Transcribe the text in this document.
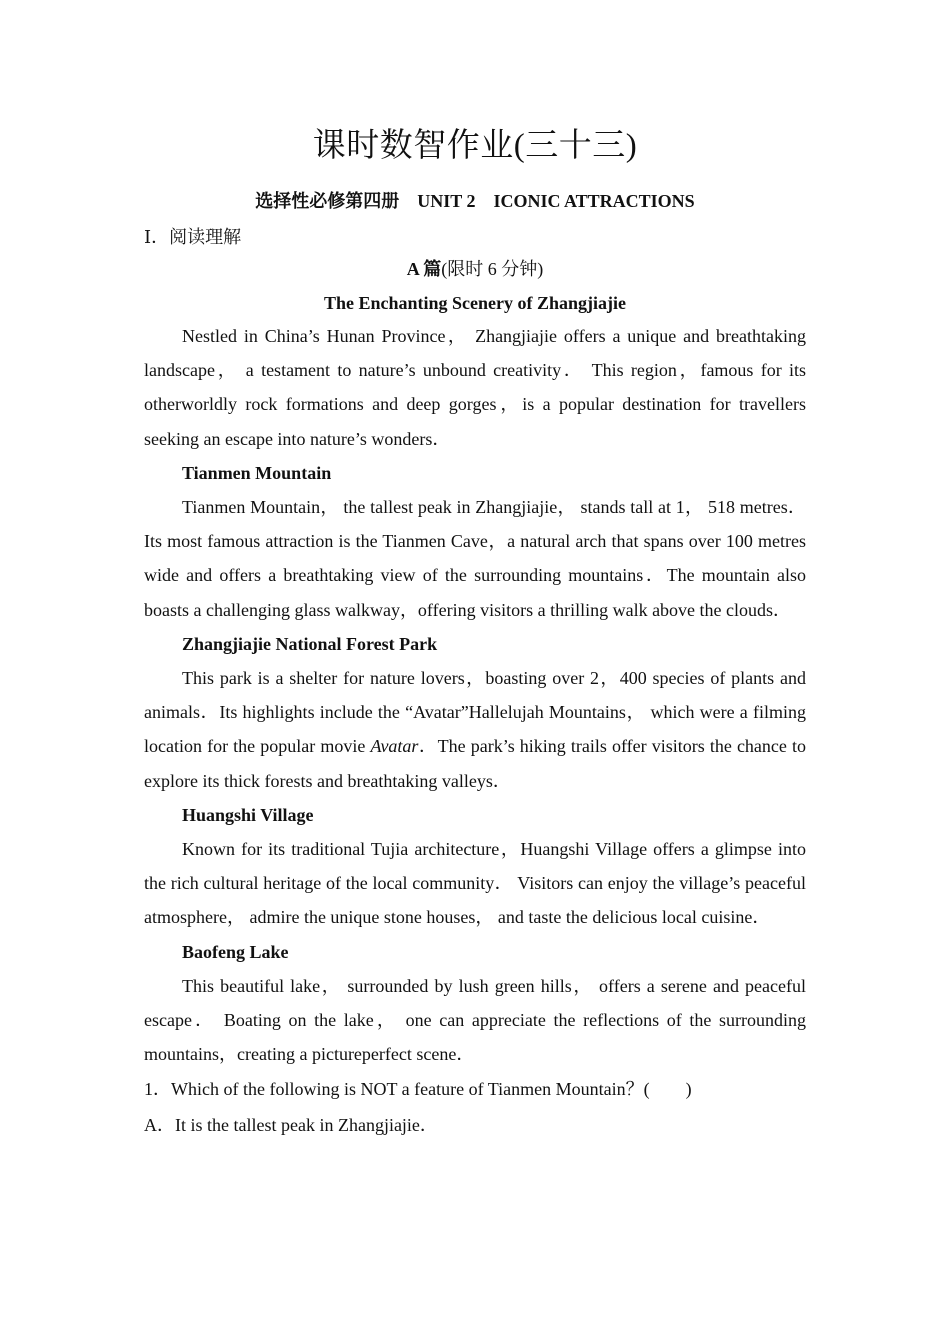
课时数智作业(三十三)
选择性必修第四册    UNIT 2    ICONIC ATTRACTIONS
Ⅰ．阅读理解
A 篇(限时 6 分钟)
The Enchanting Scenery of Zhangjiajie

Nestled in China’s Hunan Province， Zhangjiajie offers a unique and breathtaking landscape， a testament to nature’s unbound creativity． This region，famous for its otherworldly rock formations and deep gorges，is a popular destination for travellers seeking an escape into nature’s wonders．

Tianmen Mountain

Tianmen Mountain， the tallest peak in Zhangjiajie， stands tall at 1， 518 metres．Its most famous attraction is the Tianmen Cave，a natural arch that spans over 100 metres wide and offers a breathtaking view of the surrounding mountains．The mountain also boasts a challenging glass walkway，offering visitors a thrilling walk above the clouds．

Zhangjiajie National Forest Park

This park is a shelter for nature lovers，boasting over 2，400 species of plants and animals．Its highlights include the “Avatar”Hallelujah Mountains， which were a filming location for the popular movie Avatar．The park’s hiking trails offer visitors the chance to explore its thick forests and breathtaking valleys．

Huangshi Village

Known for its traditional Tujia architecture，Huangshi Village offers a glimpse into the rich cultural heritage of the local community． Visitors can enjoy the village’s peaceful atmosphere， admire the unique stone houses， and taste the delicious local cuisine．

Baofeng Lake

This beautiful lake， surrounded by lush green hills， offers a serene and peaceful escape． Boating on the lake， one can appreciate the reflections of the surrounding mountains，creating a pictureperfect scene．

1．Which of the following is NOT a feature of Tianmen Mountain？(　　)

A．It is the tallest peak in Zhangjiajie．
